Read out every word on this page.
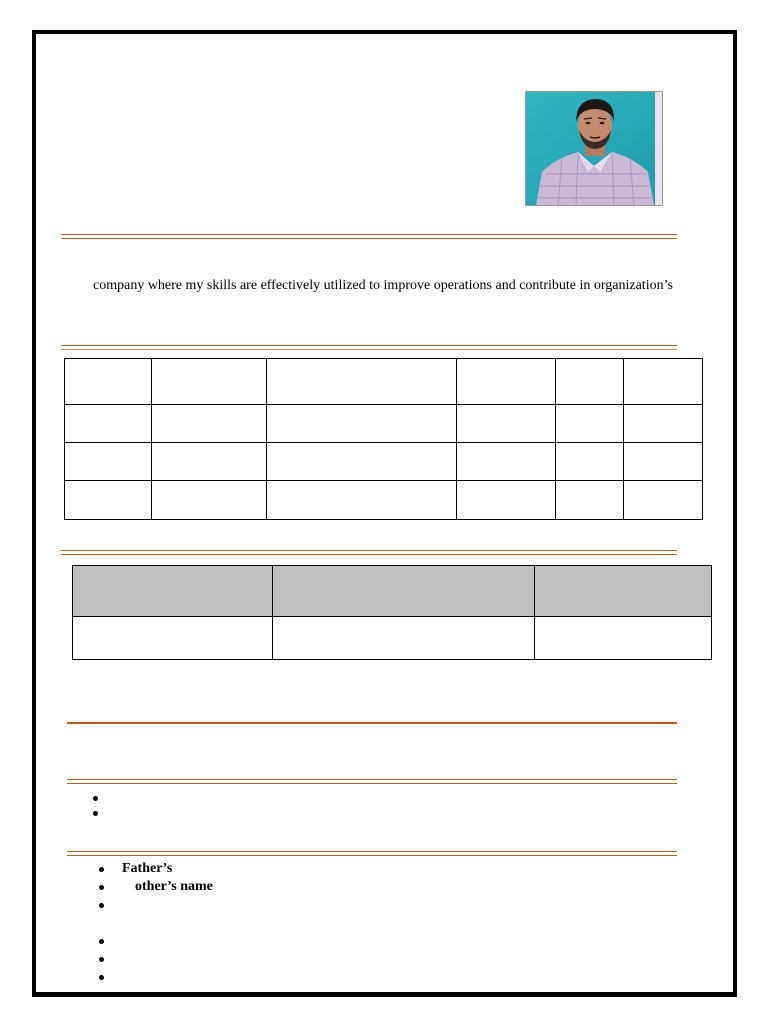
company where my skills are effectively utilized to improve operations and contribute in organization’s

Father’s
other’s name
